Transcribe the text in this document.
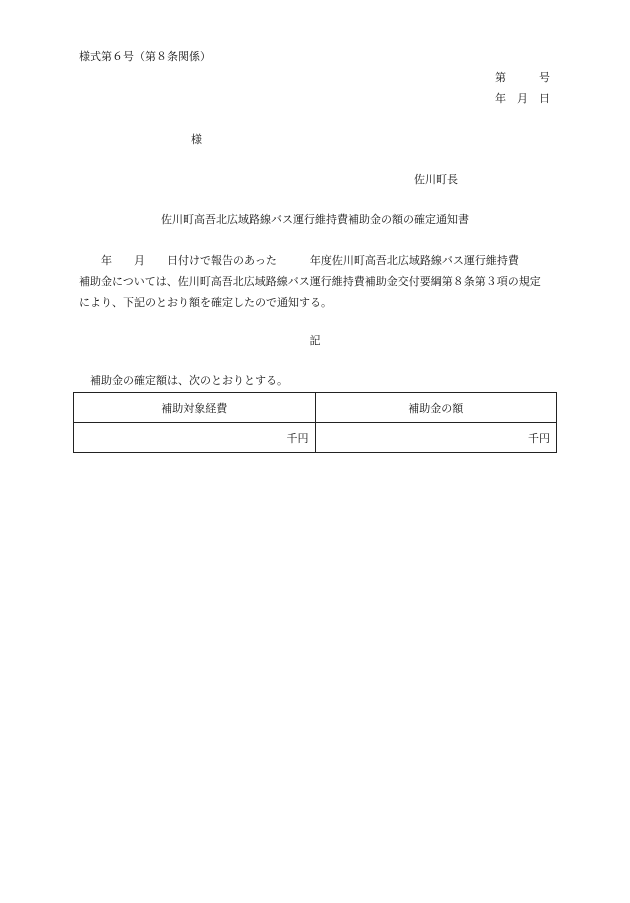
様式第６号（第８条関係）
第　　　号
年　月　日
様
佐川町長
佐川町高吾北広域路線バス運行維持費補助金の額の確定通知書
　　年　　月　　日付けで報告のあった　　　年度佐川町高吾北広域路線バス運行維持費
補助金については、佐川町高吾北広域路線バス運行維持費補助金交付要綱第８条第３項の規定
により、下記のとおり額を確定したので通知する。
記
補助金の確定額は、次のとおりとする。
補助対象経費	補助金の額
千円	千円
